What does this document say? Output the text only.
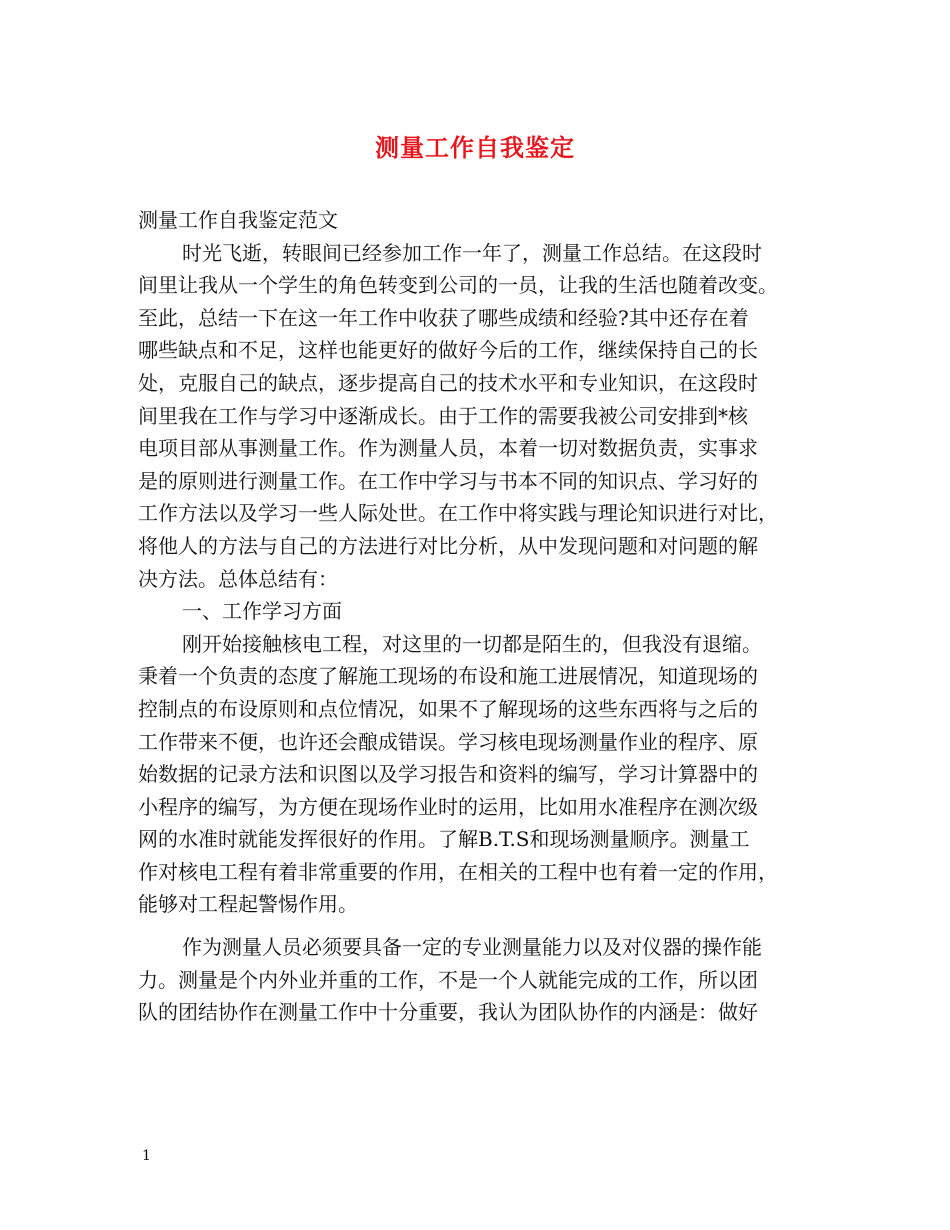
测量工作自我鉴定
测量工作自我鉴定范文
时光飞逝，转眼间已经参加工作一年了，测量工作总结。在这段时
间里让我从一个学生的角色转变到公司的一员，让我的生活也随着改变。
至此，总结一下在这一年工作中收获了哪些成绩和经验?其中还存在着
哪些缺点和不足，这样也能更好的做好今后的工作，继续保持自己的长
处，克服自己的缺点，逐步提高自己的技术水平和专业知识，在这段时
间里我在工作与学习中逐渐成长。由于工作的需要我被公司安排到*核
电项目部从事测量工作。作为测量人员，本着一切对数据负责，实事求
是的原则进行测量工作。在工作中学习与书本不同的知识点、学习好的
工作方法以及学习一些人际处世。在工作中将实践与理论知识进行对比，
将他人的方法与自己的方法进行对比分析，从中发现问题和对问题的解
决方法。总体总结有：
一、工作学习方面
刚开始接触核电工程，对这里的一切都是陌生的，但我没有退缩。
秉着一个负责的态度了解施工现场的布设和施工进展情况，知道现场的
控制点的布设原则和点位情况，如果不了解现场的这些东西将与之后的
工作带来不便，也许还会酿成错误。学习核电现场测量作业的程序、原
始数据的记录方法和识图以及学习报告和资料的编写，学习计算器中的
小程序的编写，为方便在现场作业时的运用，比如用水准程序在测次级
网的水准时就能发挥很好的作用。了解B.T.S和现场测量顺序。测量工
作对核电工程有着非常重要的作用，在相关的工程中也有着一定的作用，
能够对工程起警惕作用。
作为测量人员必须要具备一定的专业测量能力以及对仪器的操作能
力。测量是个内外业并重的工作，不是一个人就能完成的工作，所以团
队的团结协作在测量工作中十分重要，我认为团队协作的内涵是：做好
1
